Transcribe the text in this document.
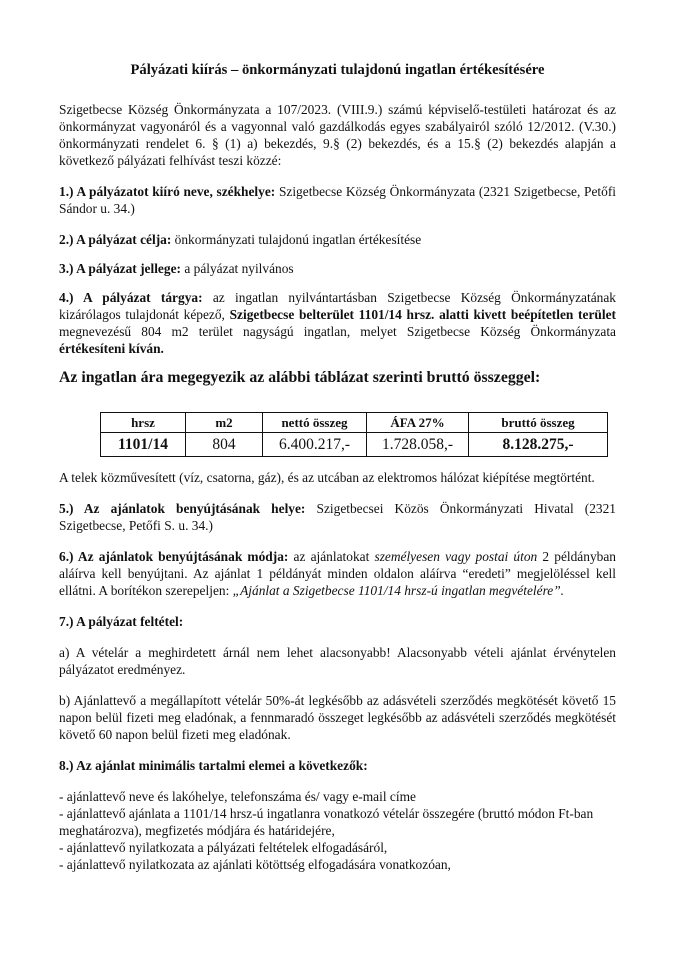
Pályázati kiírás – önkormányzati tulajdonú ingatlan értékesítésére

Szigetbecse Község Önkormányzata a 107/2023. (VIII.9.) számú képviselő-testületi határozat és az önkormányzat vagyonáról és a vagyonnal való gazdálkodás egyes szabályairól szóló 12/2012. (V.30.) önkormányzati rendelet 6. § (1) a) bekezdés, 9.§ (2) bekezdés, és a 15.§ (2) bekezdés alapján a következő pályázati felhívást teszi közzé:

1.) A pályázatot kiíró neve, székhelye: Szigetbecse Község Önkormányzata (2321 Szigetbecse, Petőfi Sándor u. 34.)

2.) A pályázat célja: önkormányzati tulajdonú ingatlan értékesítése

3.) A pályázat jellege: a pályázat nyilvános

4.) A pályázat tárgya: az ingatlan nyilvántartásban Szigetbecse Község Önkormányzatának kizárólagos tulajdonát képező, Szigetbecse belterület 1101/14 hrsz. alatti kivett beépítetlen terület megnevezésű 804 m2 terület nagyságú ingatlan, melyet Szigetbecse Község Önkormányzata értékesíteni kíván.

Az ingatlan ára megegyezik az alábbi táblázat szerinti bruttó összeggel:
hrsz	m2	nettó összeg	ÁFA 27%	bruttó összeg
1101/14	804	6.400.217,-	1.728.058,-	8.128.275,-

A telek közművesített (víz, csatorna, gáz), és az utcában az elektromos hálózat kiépítése megtörtént.

5.) Az ajánlatok benyújtásának helye: Szigetbecsei Közös Önkormányzati Hivatal (2321 Szigetbecse, Petőfi S. u. 34.)

6.) Az ajánlatok benyújtásának módja: az ajánlatokat személyesen vagy postai úton 2 példányban aláírva kell benyújtani. Az ajánlat 1 példányát minden oldalon aláírva “eredeti” megjelöléssel kell ellátni. A borítékon szerepeljen: „Ajánlat a Szigetbecse 1101/14 hrsz-ú ingatlan megvételére”.

7.) A pályázat feltétel:

a) A vételár a meghirdetett árnál nem lehet alacsonyabb! Alacsonyabb vételi ajánlat érvénytelen pályázatot eredményez.

b) Ajánlattevő a megállapított vételár 50%-át legkésőbb az adásvételi szerződés megkötését követő 15 napon belül fizeti meg eladónak, a fennmaradó összeget legkésőbb az adásvételi szerződés megkötését követő 60 napon belül fizeti meg eladónak.

8.) Az ajánlat minimális tartalmi elemei a következők:

- ajánlattevő neve és lakóhelye, telefonszáma és/ vagy e-mail címe
- ajánlattevő ajánlata a 1101/14 hrsz-ú ingatlanra vonatkozó vételár összegére (bruttó módon Ft-ban meghatározva), megfizetés módjára és határidejére,
- ajánlattevő nyilatkozata a pályázati feltételek elfogadásáról,
- ajánlattevő nyilatkozata az ajánlati kötöttség elfogadására vonatkozóan,
